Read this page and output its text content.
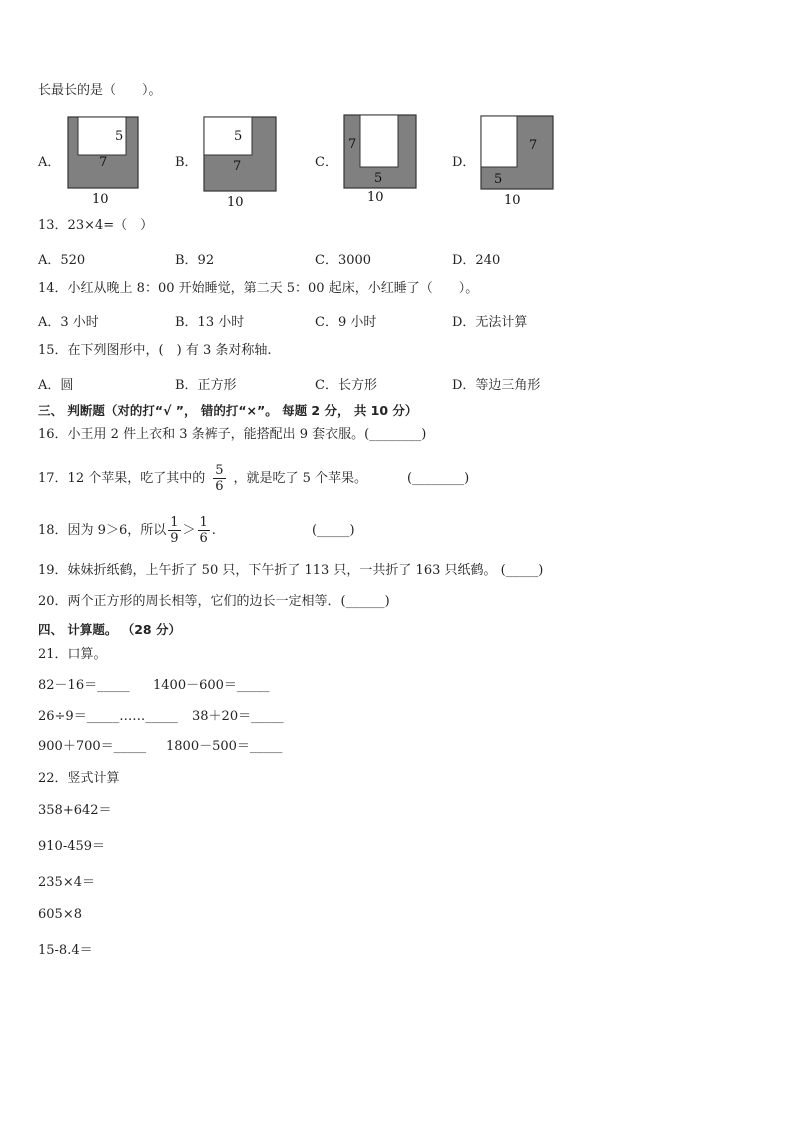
长最长的是（　　）。
A．
5
7
10
B．
5
7
10
C．
7
5
10
D．
7
5
10
13．23×4=（　）
A．520	B．92	C．3000	D．240
14．小红从晚上 8：00 开始睡觉，第二天 5：00 起床，小红睡了（　　）。
A．3 小时	B．13 小时	C．9 小时	D．无法计算
15．在下列图形中，(　) 有 3 条对称轴.
A．圆	B．正方形	C．长方形	D．等边三角形
三、 判断题（对的打“√ ”， 错的打“×”。 每题 2 分， 共 10 分）
16．小王用 2 件上衣和 3 条裤子，能搭配出 9 套衣服。(________)
17．12 个苹果，吃了其中的 $\frac{5}{6}$ ，就是吃了 5 个苹果。	(________)
18．因为 9＞6，所以 $\frac{1}{9} > \frac{1}{6}$ .	(_____)
19．妹妹折纸鹤，上午折了 50 只，下午折了 113 只，一共折了 163 只纸鹤。 (_____)
20．两个正方形的周长相等，它们的边长一定相等．(______)
四、 计算题。 （28 分）
21．口算。
82－16＝_____ 1400－600＝_____
26÷9＝_____……_____ 38＋20＝_____
900＋700＝_____ 1800－500＝_____
22．竖式计算
358+642＝
910-459＝
235×4＝
605×8
15-8.4＝
